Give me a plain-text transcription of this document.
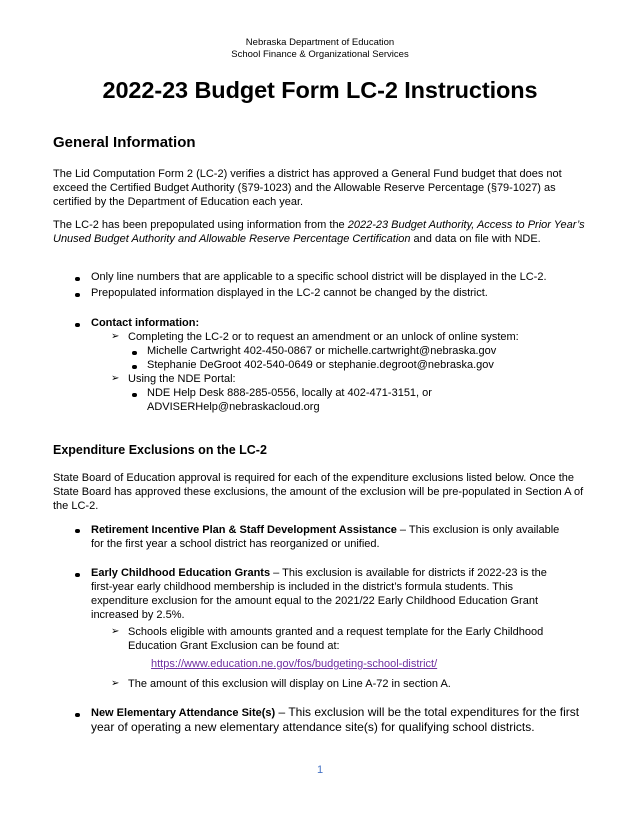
Nebraska Department of Education
School Finance & Organizational Services
2022-23 Budget Form LC-2 Instructions
General Information
The Lid Computation Form 2 (LC-2) verifies a district has approved a General Fund budget that does not exceed the Certified Budget Authority (§79-1023) and the Allowable Reserve Percentage (§79-1027) as certified by the Department of Education each year.
The LC-2 has been prepopulated using information from the 2022-23 Budget Authority, Access to Prior Year’s Unused Budget Authority and Allowable Reserve Percentage Certification and data on file with NDE.
Only line numbers that are applicable to a specific school district will be displayed in the LC-2.
Prepopulated information displayed in the LC-2 cannot be changed by the district.
Contact information:
➢ Completing the LC-2 or to request an amendment or an unlock of online system:
Michelle Cartwright 402-450-0867 or michelle.cartwright@nebraska.gov
Stephanie DeGroot 402-540-0649 or stephanie.degroot@nebraska.gov
➢ Using the NDE Portal:
NDE Help Desk 888-285-0556, locally at 402-471-3151, or
ADVISERHelp@nebraskacloud.org
Expenditure Exclusions on the LC-2
State Board of Education approval is required for each of the expenditure exclusions listed below. Once the State Board has approved these exclusions, the amount of the exclusion will be pre-populated in Section A of the LC-2.
Retirement Incentive Plan & Staff Development Assistance – This exclusion is only available
for the first year a school district has reorganized or unified.
Early Childhood Education Grants – This exclusion is available for districts if 2022-23 is the
first-year early childhood membership is included in the district’s formula students. This
expenditure exclusion for the amount equal to the 2021/22 Early Childhood Education Grant
increased by 2.5%.
➢ Schools eligible with amounts granted and a request template for the Early Childhood
Education Grant Exclusion can be found at:
https://www.education.ne.gov/fos/budgeting-school-district/
➢ The amount of this exclusion will display on Line A-72 in section A.
New Elementary Attendance Site(s) – This exclusion will be the total expenditures for the first
year of operating a new elementary attendance site(s) for qualifying school districts.
1
